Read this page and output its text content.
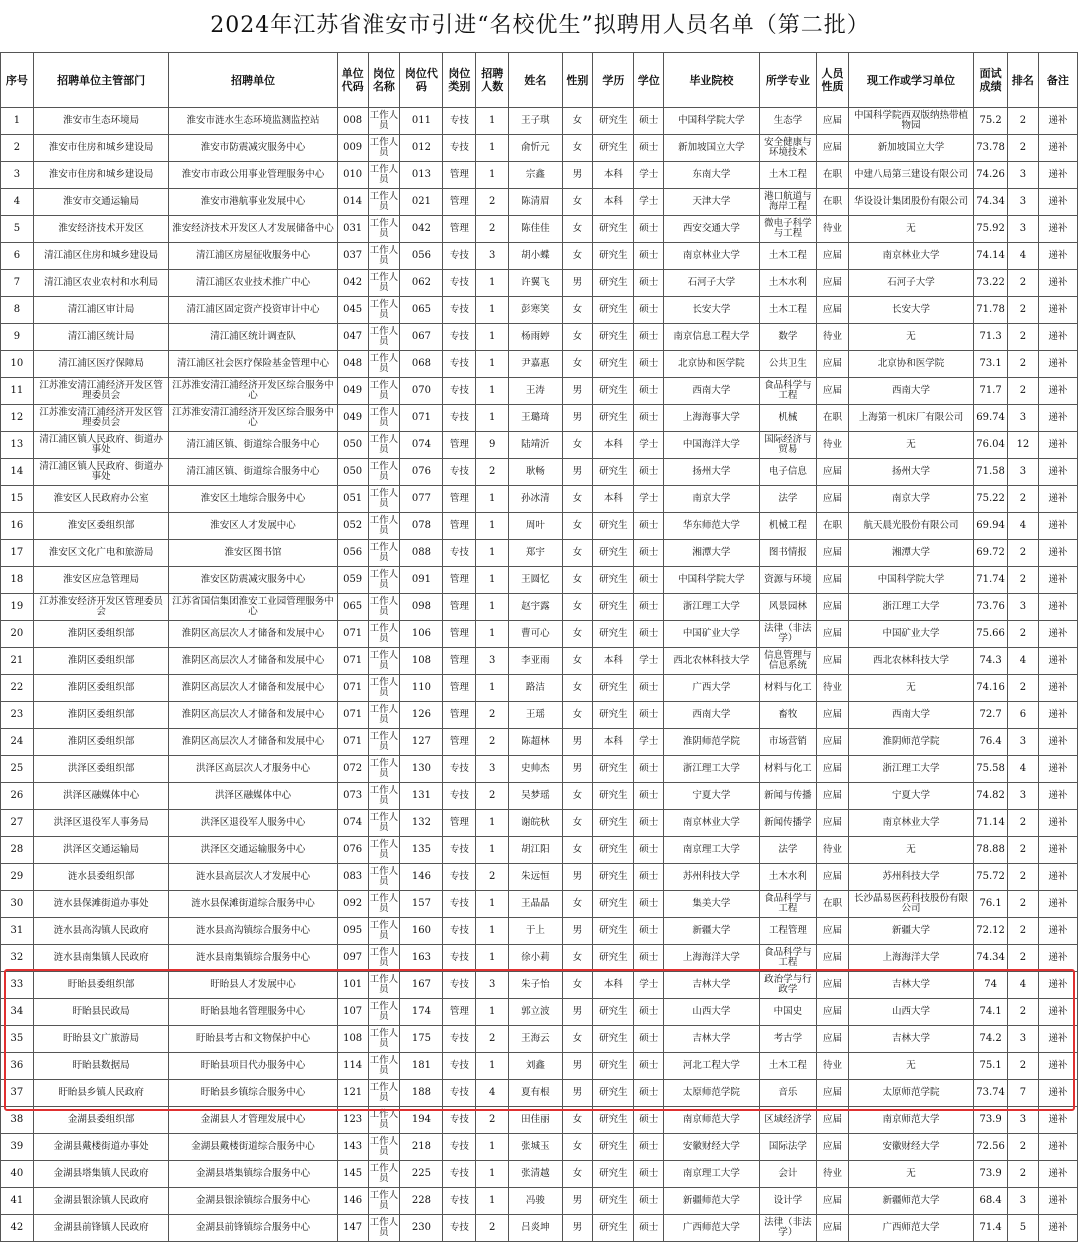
2024年江苏省淮安市引进“名校优生”拟聘用人员名单（第二批）
序号	招聘单位主管部门	招聘单位	单位代码	岗位名称	岗位代码	岗位类别	招聘人数	姓名	性别	学历	学位	毕业院校	所学专业	人员性质	现工作或学习单位	面试成绩	排名	备注
1	淮安市生态环境局	淮安市涟水生态环境监测监控站	008	工作人员	011	专技	1	王子琪	女	研究生	硕士	中国科学院大学	生态学	应届	中国科学院西双版纳热带植物园	75.2	2	递补
2	淮安市住房和城乡建设局	淮安市防震减灾服务中心	009	工作人员	012	专技	1	俞忻元	女	研究生	硕士	新加坡国立大学	安全健康与环境技术	应届	新加坡国立大学	73.78	2	递补
3	淮安市住房和城乡建设局	淮安市市政公用事业管理服务中心	010	工作人员	013	管理	1	宗鑫	男	本科	学士	东南大学	土木工程	在职	中建八局第三建设有限公司	74.26	3	递补
4	淮安市交通运输局	淮安市港航事业发展中心	014	工作人员	021	管理	2	陈清眉	女	本科	学士	天津大学	港口航道与海岸工程	在职	华设设计集团股份有限公司	74.34	3	递补
5	淮安经济技术开发区	淮安经济技术开发区人才发展储备中心	031	工作人员	042	管理	2	陈佳佳	女	研究生	硕士	西安交通大学	微电子科学与工程	待业	无	75.92	3	递补
6	清江浦区住房和城乡建设局	清江浦区房屋征收服务中心	037	工作人员	056	专技	3	胡小蝶	女	研究生	硕士	南京林业大学	土木工程	应届	南京林业大学	74.14	4	递补
7	清江浦区农业农村和水利局	清江浦区农业技术推广中心	042	工作人员	062	专技	1	许翼飞	男	研究生	硕士	石河子大学	土木水利	应届	石河子大学	73.22	2	递补
8	清江浦区审计局	清江浦区固定资产投资审计中心	045	工作人员	065	专技	1	彭寒笑	女	研究生	硕士	长安大学	土木工程	应届	长安大学	71.78	2	递补
9	清江浦区统计局	清江浦区统计调查队	047	工作人员	067	专技	1	杨雨婷	女	研究生	硕士	南京信息工程大学	数学	待业	无	71.3	2	递补
10	清江浦区医疗保障局	清江浦区社会医疗保险基金管理中心	048	工作人员	068	专技	1	尹嘉惠	女	研究生	硕士	北京协和医学院	公共卫生	应届	北京协和医学院	73.1	2	递补
11	江苏淮安清江浦经济开发区管理委员会	江苏淮安清江浦经济开发区综合服务中心	049	工作人员	070	专技	1	王涛	男	研究生	硕士	西南大学	食品科学与工程	应届	西南大学	71.7	2	递补
12	江苏淮安清江浦经济开发区管理委员会	江苏淮安清江浦经济开发区综合服务中心	049	工作人员	071	专技	1	王璐琦	男	研究生	硕士	上海海事大学	机械	在职	上海第一机床厂有限公司	69.74	3	递补
13	清江浦区镇人民政府、街道办事处	清江浦区镇、街道综合服务中心	050	工作人员	074	管理	9	陆靖沂	女	本科	学士	中国海洋大学	国际经济与贸易	待业	无	76.04	12	递补
14	清江浦区镇人民政府、街道办事处	清江浦区镇、街道综合服务中心	050	工作人员	076	专技	2	耿畅	男	研究生	硕士	扬州大学	电子信息	应届	扬州大学	71.58	3	递补
15	淮安区人民政府办公室	淮安区土地综合服务中心	051	工作人员	077	管理	1	孙冰清	女	本科	学士	南京大学	法学	应届	南京大学	75.22	2	递补
16	淮安区委组织部	淮安区人才发展中心	052	工作人员	078	管理	1	周叶	女	研究生	硕士	华东师范大学	机械工程	在职	航天晨光股份有限公司	69.94	4	递补
17	淮安区文化广电和旅游局	淮安区图书馆	056	工作人员	088	专技	1	郑宇	女	研究生	硕士	湘潭大学	图书情报	应届	湘潭大学	69.72	2	递补
18	淮安区应急管理局	淮安区防震减灾服务中心	059	工作人员	091	管理	1	王圆忆	女	研究生	硕士	中国科学院大学	资源与环境	应届	中国科学院大学	71.74	2	递补
19	江苏淮安经济开发区管理委员会	江苏省国信集团淮安工业园管理服务中心	065	工作人员	098	管理	1	赵宇露	女	研究生	硕士	浙江理工大学	风景园林	应届	浙江理工大学	73.76	3	递补
20	淮阴区委组织部	淮阴区高层次人才储备和发展中心	071	工作人员	106	管理	1	曹可心	女	研究生	硕士	中国矿业大学	法律（非法学）	应届	中国矿业大学	75.66	2	递补
21	淮阴区委组织部	淮阴区高层次人才储备和发展中心	071	工作人员	108	管理	3	李亚雨	女	本科	学士	西北农林科技大学	信息管理与信息系统	应届	西北农林科技大学	74.3	4	递补
22	淮阴区委组织部	淮阴区高层次人才储备和发展中心	071	工作人员	110	管理	1	路洁	女	研究生	硕士	广西大学	材料与化工	待业	无	74.16	2	递补
23	淮阴区委组织部	淮阴区高层次人才储备和发展中心	071	工作人员	126	管理	2	王瑶	女	研究生	硕士	西南大学	畜牧	应届	西南大学	72.7	6	递补
24	淮阴区委组织部	淮阴区高层次人才储备和发展中心	071	工作人员	127	管理	2	陈超林	男	本科	学士	淮阴师范学院	市场营销	应届	淮阴师范学院	76.4	3	递补
25	洪泽区委组织部	洪泽区高层次人才服务中心	072	工作人员	130	专技	3	史帅杰	男	研究生	硕士	浙江理工大学	材料与化工	应届	浙江理工大学	75.58	4	递补
26	洪泽区融媒体中心	洪泽区融媒体中心	073	工作人员	131	专技	2	吴梦瑶	女	研究生	硕士	宁夏大学	新闻与传播	应届	宁夏大学	74.82	3	递补
27	洪泽区退役军人事务局	洪泽区退役军人服务中心	074	工作人员	132	管理	1	谢皖秋	女	研究生	硕士	南京林业大学	新闻传播学	应届	南京林业大学	71.14	2	递补
28	洪泽区交通运输局	洪泽区交通运输服务中心	076	工作人员	135	专技	1	胡江阳	女	研究生	硕士	南京理工大学	法学	待业	无	78.88	2	递补
29	涟水县委组织部	涟水县高层次人才发展中心	083	工作人员	146	专技	2	朱远恒	男	研究生	硕士	苏州科技大学	土木水利	应届	苏州科技大学	75.72	2	递补
30	涟水县保滩街道办事处	涟水县保滩街道综合服务中心	092	工作人员	157	专技	1	王晶晶	女	研究生	硕士	集美大学	食品科学与工程	在职	长沙晶易医药科技股份有限公司	76.1	2	递补
31	涟水县高沟镇人民政府	涟水县高沟镇综合服务中心	095	工作人员	160	专技	1	于上	男	研究生	硕士	新疆大学	工程管理	应届	新疆大学	72.12	2	递补
32	涟水县南集镇人民政府	涟水县南集镇综合服务中心	097	工作人员	163	专技	1	徐小莉	女	研究生	硕士	上海海洋大学	食品科学与工程	应届	上海海洋大学	74.34	2	递补
33	盱眙县委组织部	盱眙县人才发展中心	101	工作人员	167	专技	3	朱子怡	女	本科	学士	吉林大学	政治学与行政学	应届	吉林大学	74	4	递补
34	盱眙县民政局	盱眙县地名管理服务中心	107	工作人员	174	管理	1	郭立波	男	研究生	硕士	山西大学	中国史	应届	山西大学	74.1	2	递补
35	盱眙县文广旅游局	盱眙县考古和文物保护中心	108	工作人员	175	专技	2	王海云	女	研究生	硕士	吉林大学	考古学	应届	吉林大学	74.2	3	递补
36	盱眙县数据局	盱眙县项目代办服务中心	114	工作人员	181	专技	1	刘鑫	男	研究生	硕士	河北工程大学	土木工程	待业	无	75.1	2	递补
37	盱眙县乡镇人民政府	盱眙县乡镇综合服务中心	121	工作人员	188	专技	4	夏有根	男	研究生	硕士	太原师范学院	音乐	应届	太原师范学院	73.74	7	递补
38	金湖县委组织部	金湖县人才管理发展中心	123	工作人员	194	专技	2	田佳丽	女	研究生	硕士	南京师范大学	区域经济学	应届	南京师范大学	73.9	3	递补
39	金湖县戴楼街道办事处	金湖县戴楼街道综合服务中心	143	工作人员	218	专技	1	张城玉	女	研究生	硕士	安徽财经大学	国际法学	应届	安徽财经大学	72.56	2	递补
40	金湖县塔集镇人民政府	金湖县塔集镇综合服务中心	145	工作人员	225	专技	1	张清越	女	研究生	硕士	南京理工大学	会计	待业	无	73.9	2	递补
41	金湖县银涂镇人民政府	金湖县银涂镇综合服务中心	146	工作人员	228	专技	1	冯骏	男	研究生	硕士	新疆师范大学	设计学	应届	新疆师范大学	68.4	3	递补
42	金湖县前锋镇人民政府	金湖县前锋镇综合服务中心	147	工作人员	230	专技	2	吕炎坤	男	研究生	硕士	广西师范大学	法律（非法学）	应届	广西师范大学	71.4	5	递补
